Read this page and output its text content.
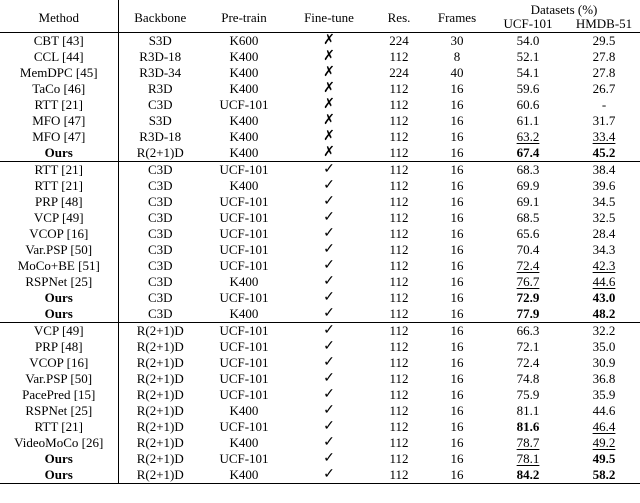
Method	Backbone	Pre-train	Fine-tune	Res.	Frames	Datasets (%)	
						UCF-101	HMDB-51
CBT [43]	S3D	K600	✗	224	30	54.0	29.5
CCL [44]	R3D-18	K400	✗	112	8	52.1	27.8
MemDPC [45]	R3D-34	K400	✗	224	40	54.1	27.8
TaCo [46]	R3D	K400	✗	112	16	59.6	26.7
RTT [21]	C3D	UCF-101	✗	112	16	60.6	-
MFO [47]	S3D	K400	✗	112	16	61.1	31.7
MFO [47]	R3D-18	K400	✗	112	16	63.2	33.4
Ours	R(2+1)D	K400	✗	112	16	67.4	45.2
RTT [21]	C3D	UCF-101	✓	112	16	68.3	38.4
RTT [21]	C3D	K400	✓	112	16	69.9	39.6
PRP [48]	C3D	UCF-101	✓	112	16	69.1	34.5
VCP [49]	C3D	UCF-101	✓	112	16	68.5	32.5
VCOP [16]	C3D	UCF-101	✓	112	16	65.6	28.4
Var.PSP [50]	C3D	UCF-101	✓	112	16	70.4	34.3
MoCo+BE [51]	C3D	UCF-101	✓	112	16	72.4	42.3
RSPNet [25]	C3D	K400	✓	112	16	76.7	44.6
Ours	C3D	UCF-101	✓	112	16	72.9	43.0
Ours	C3D	K400	✓	112	16	77.9	48.2
VCP [49]	R(2+1)D	UCF-101	✓	112	16	66.3	32.2
PRP [48]	R(2+1)D	UCF-101	✓	112	16	72.1	35.0
VCOP [16]	R(2+1)D	UCF-101	✓	112	16	72.4	30.9
Var.PSP [50]	R(2+1)D	UCF-101	✓	112	16	74.8	36.8
PacePred [15]	R(2+1)D	UCF-101	✓	112	16	75.9	35.9
RSPNet [25]	R(2+1)D	K400	✓	112	16	81.1	44.6
RTT [21]	R(2+1)D	UCF-101	✓	112	16	81.6	46.4
VideoMoCo [26]	R(2+1)D	K400	✓	112	16	78.7	49.2
Ours	R(2+1)D	UCF-101	✓	112	16	78.1	49.5
Ours	R(2+1)D	K400	✓	112	16	84.2	58.2
